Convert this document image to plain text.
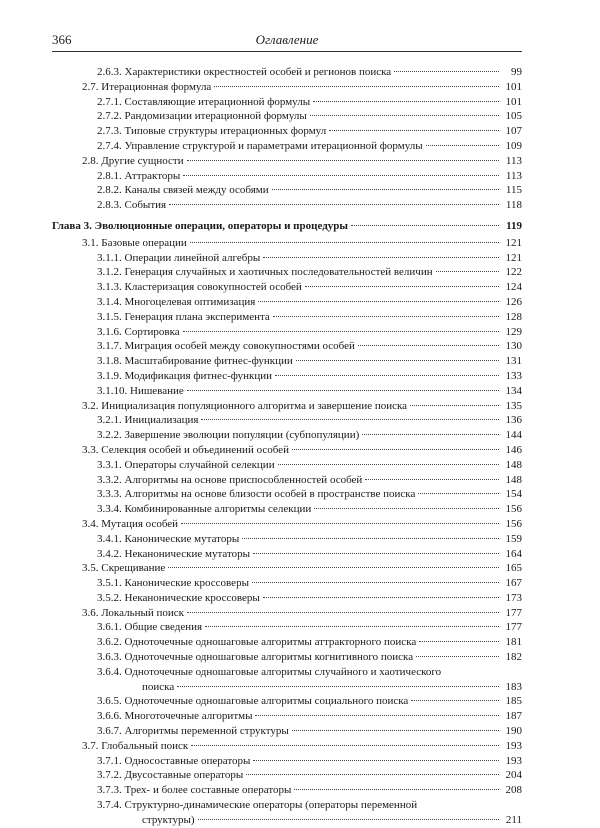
366	Оглавление
2.6.3. Характеристики окрестностей особей и регионов поиска	99
2.7. Итерационная формула	101
2.7.1. Составляющие итерационной формулы	101
2.7.2. Рандомизации итерационной формулы	105
2.7.3. Типовые структуры итерационных формул	107
2.7.4. Управление структурой и параметрами итерационной формулы	109
2.8. Другие сущности	113
2.8.1. Аттракторы	113
2.8.2. Каналы связей между особями	115
2.8.3. События	118
Глава 3. Эволюционные операции, операторы и процедуры	119
3.1. Базовые операции	121
3.1.1. Операции линейной алгебры	121
3.1.2. Генерация случайных и хаотичных последовательностей величин	122
3.1.3. Кластеризация совокупностей особей	124
3.1.4. Многоцелевая оптимизация	126
3.1.5. Генерация плана эксперимента	128
3.1.6. Сортировка	129
3.1.7. Миграция особей между совокупностями особей	130
3.1.8. Масштабирование фитнес-функции	131
3.1.9. Модификация фитнес-функции	133
3.1.10. Нишевание	134
3.2. Инициализация популяционного алгоритма и завершение поиска	135
3.2.1. Инициализация	136
3.2.2. Завершение эволюции популяции (субпопуляции)	144
3.3. Селекция особей и объединений особей	146
3.3.1. Операторы случайной селекции	148
3.3.2. Алгоритмы на основе приспособленностей особей	148
3.3.3. Алгоритмы на основе близости особей в пространстве поиска	154
3.3.4. Комбинированные алгоритмы селекции	156
3.4. Мутация особей	156
3.4.1. Канонические мутаторы	159
3.4.2. Неканонические мутаторы	164
3.5. Скрещивание	165
3.5.1. Канонические кроссоверы	167
3.5.2. Неканонические кроссоверы	173
3.6. Локальный поиск	177
3.6.1. Общие сведения	177
3.6.2. Одноточечные одношаговые алгоритмы аттракторного поиска	181
3.6.3. Одноточечные одношаговые алгоритмы когнитивного поиска	182
3.6.4. Одноточечные одношаговые алгоритмы случайного и хаотического
поиска	183
3.6.5. Одноточечные одношаговые алгоритмы социального поиска	185
3.6.6. Многоточечные алгоритмы	187
3.6.7. Алгоритмы переменной структуры	190
3.7. Глобальный поиск	193
3.7.1. Односоставные операторы	193
3.7.2. Двусоставные операторы	204
3.7.3. Трех- и более составные операторы	208
3.7.4. Структурно-динамические операторы (операторы переменной
структуры)	211
